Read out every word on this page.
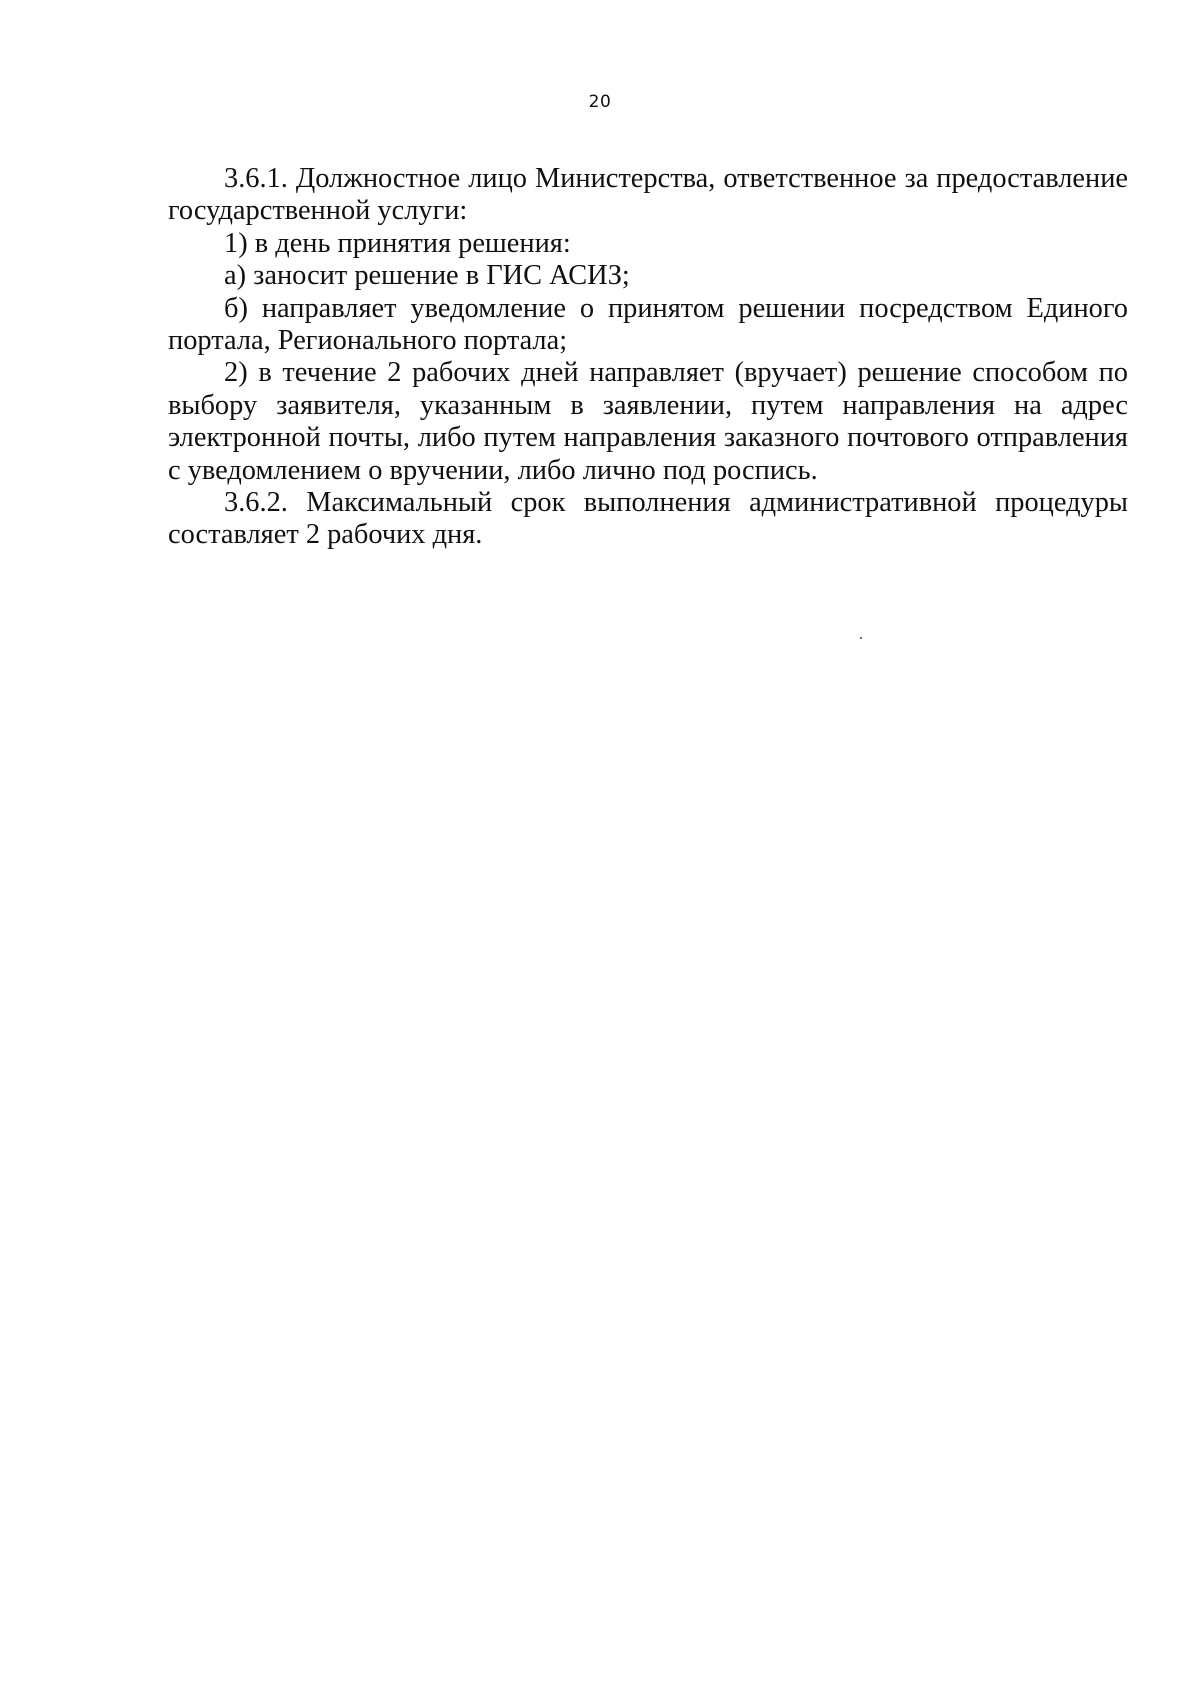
20

3.6.1. Должностное лицо Министерства, ответственное за предоставление государственной услуги:

1) в день принятия решения:

а) заносит решение в ГИС АСИЗ;

б) направляет уведомление о принятом решении посредством Единого портала, Регионального портала;

2) в течение 2 рабочих дней направляет (вручает) решение способом по выбору заявителя, указанным в заявлении, путем направления на адрес электронной почты, либо путем направления заказного почтового отправления с уведомлением о вручении, либо лично под роспись.

3.6.2. Максимальный срок выполнения административной процедуры составляет 2 рабочих дня.
